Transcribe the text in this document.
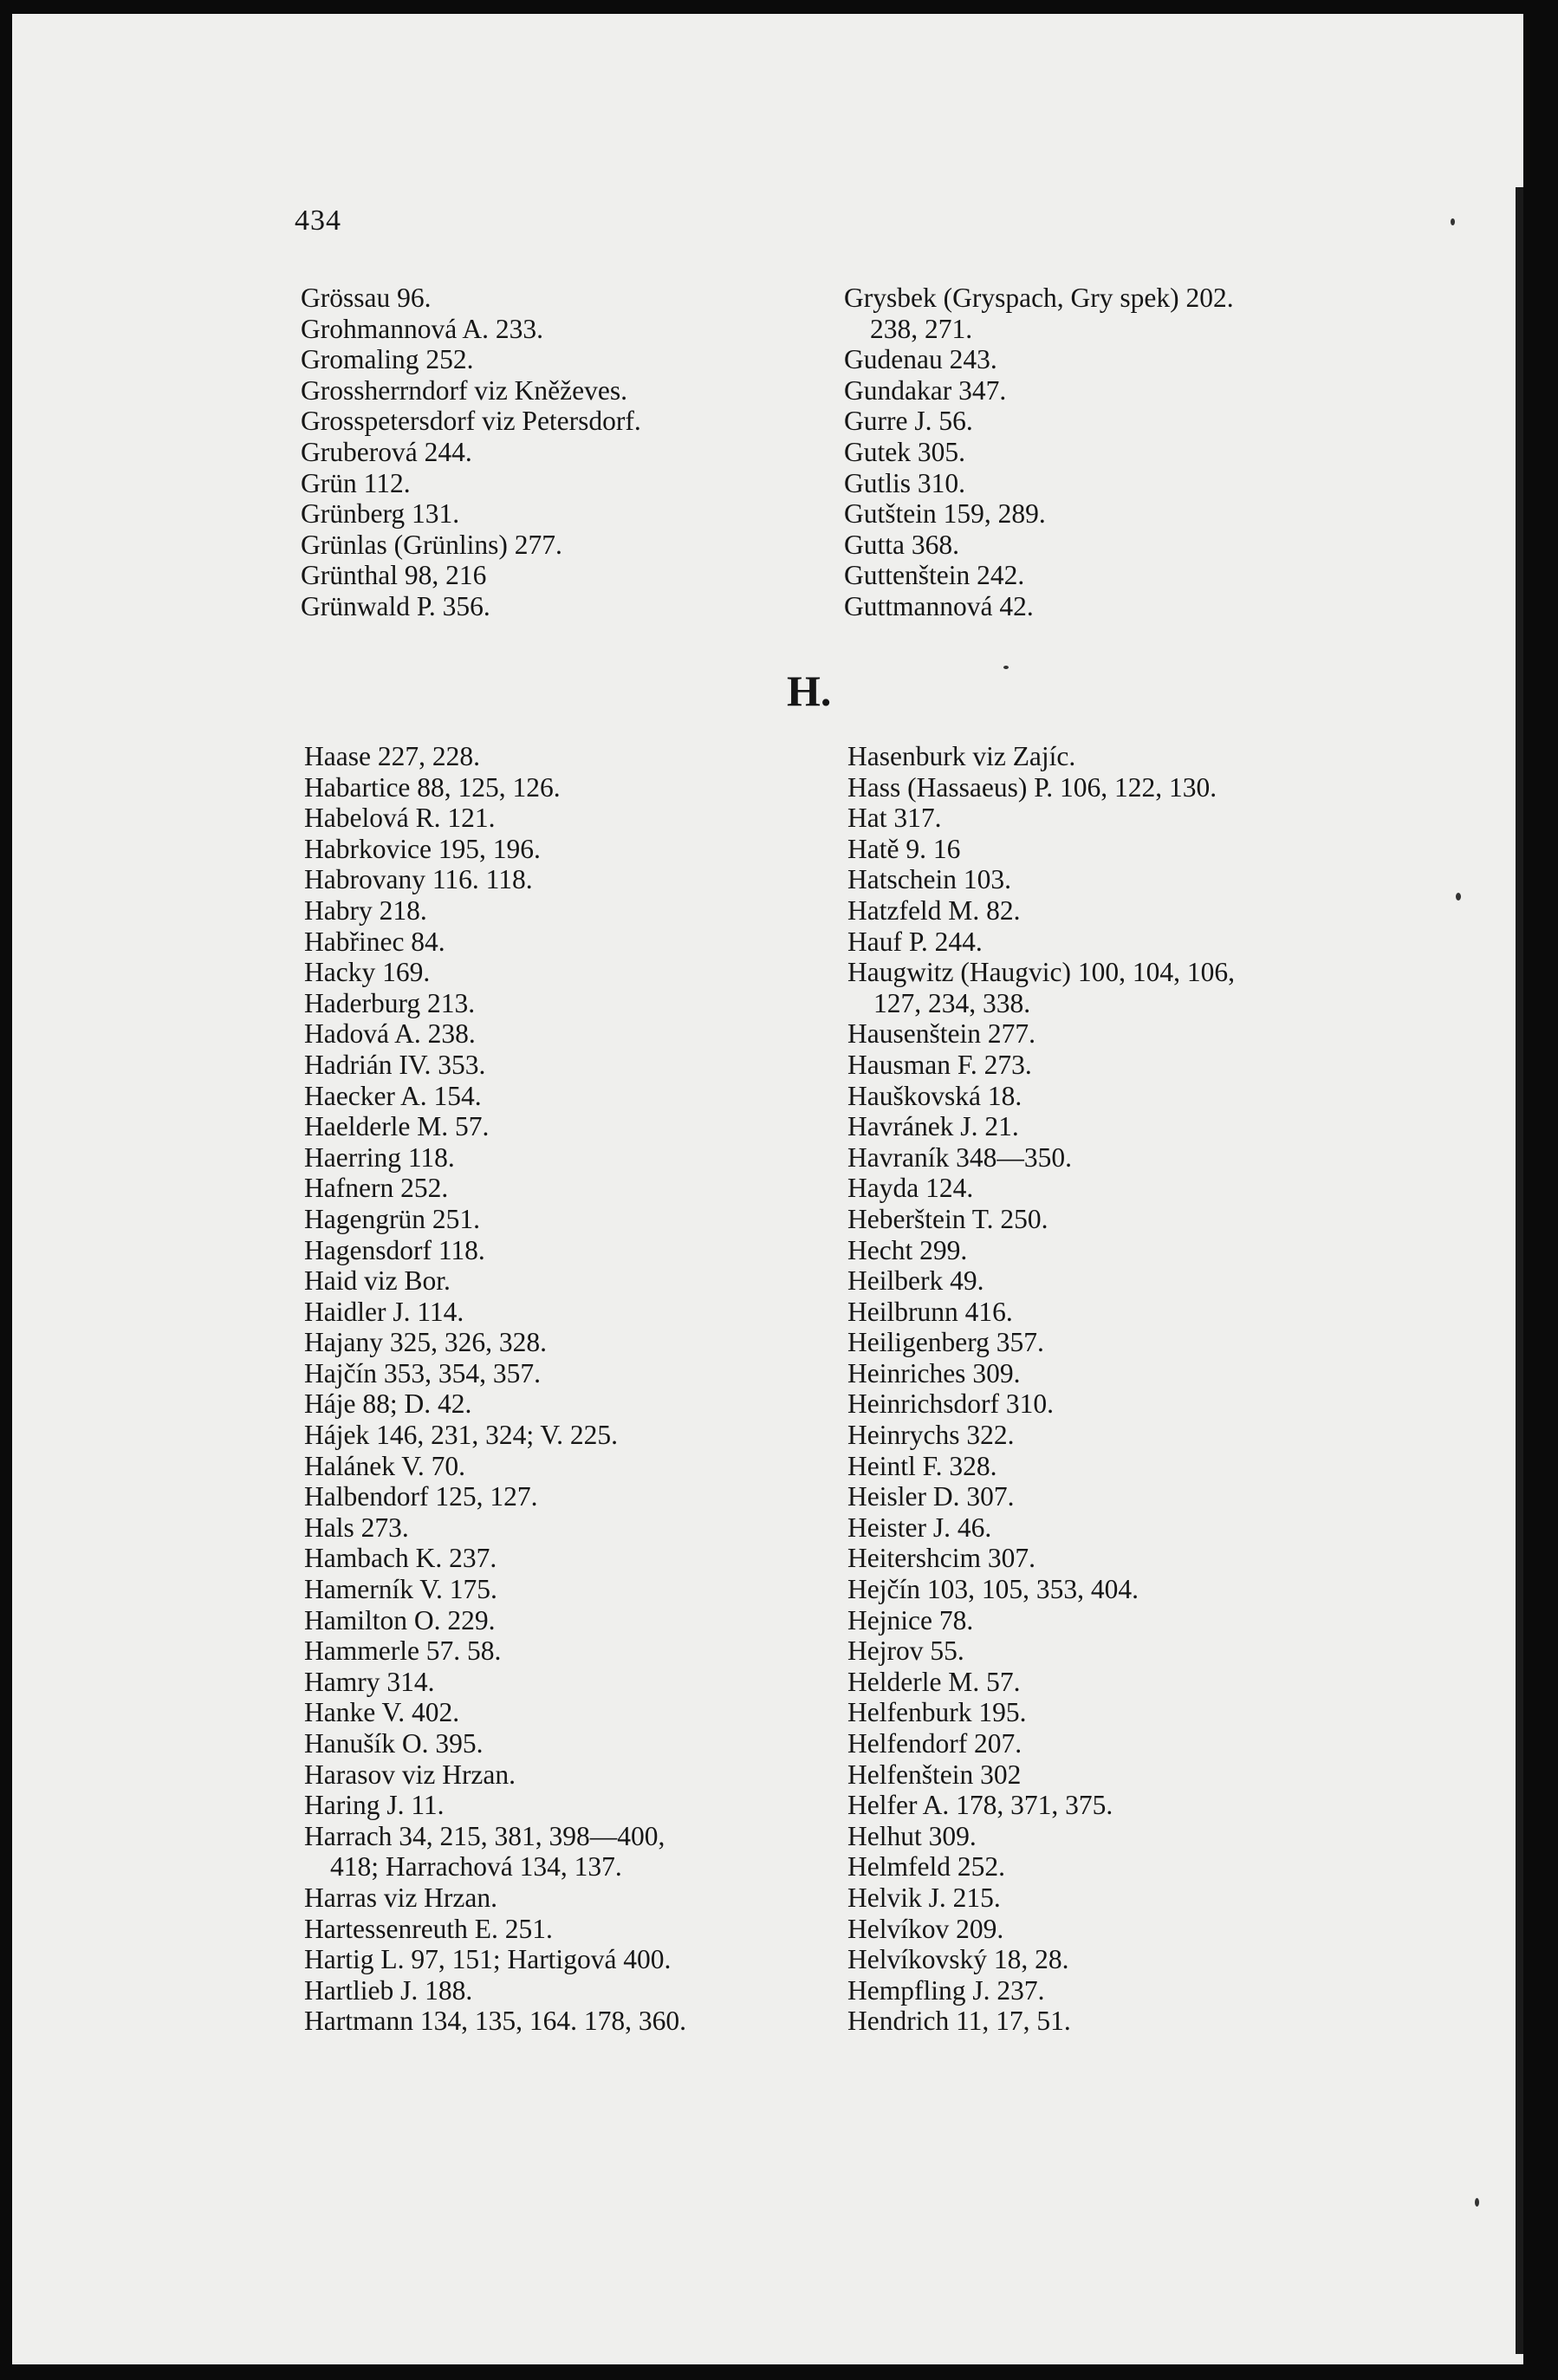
434
Grössau 96.
Grohmannová A. 233.
Gromaling 252.
Grossherrndorf viz Kněževes.
Grosspetersdorf viz Petersdorf.
Gruberová 244.
Grün 112.
Grünberg 131.
Grünlas (Grünlins) 277.
Grünthal 98, 216
Grünwald P. 356.
Grysbek (Gryspach, Gry spek) 202.
238, 271.
Gudenau 243.
Gundakar 347.
Gurre J. 56.
Gutek 305.
Gutlis 310.
Gutštein 159, 289.
Gutta 368.
Guttenštein 242.
Guttmannová 42.
H.
Haase 227, 228.
Habartice 88, 125, 126.
Habelová R. 121.
Habrkovice 195, 196.
Habrovany 116. 118.
Habry 218.
Habřinec 84.
Hacky 169.
Haderburg 213.
Hadová A. 238.
Hadrián IV. 353.
Haecker A. 154.
Haelderle M. 57.
Haerring 118.
Hafnern 252.
Hagengrün 251.
Hagensdorf 118.
Haid viz Bor.
Haidler J. 114.
Hajany 325, 326, 328.
Hajčín 353, 354, 357.
Háje 88; D. 42.
Hájek 146, 231, 324; V. 225.
Halánek V. 70.
Halbendorf 125, 127.
Hals 273.
Hambach K. 237.
Hamerník V. 175.
Hamilton O. 229.
Hammerle 57. 58.
Hamry 314.
Hanke V. 402.
Hanušík O. 395.
Harasov viz Hrzan.
Haring J. 11.
Harrach 34, 215, 381, 398—400,
418; Harrachová 134, 137.
Harras viz Hrzan.
Hartessenreuth E. 251.
Hartig L. 97, 151; Hartigová 400.
Hartlieb J. 188.
Hartmann 134, 135, 164. 178, 360.
Hasenburk viz Zajíc.
Hass (Hassaeus) P. 106, 122, 130.
Hat 317.
Hatě 9. 16
Hatschein 103.
Hatzfeld M. 82.
Hauf P. 244.
Haugwitz (Haugvic) 100, 104, 106,
127, 234, 338.
Hausenštein 277.
Hausman F. 273.
Hauškovská 18.
Havránek J. 21.
Havraník 348—350.
Hayda 124.
Heberštein T. 250.
Hecht 299.
Heilberk 49.
Heilbrunn 416.
Heiligenberg 357.
Heinriches 309.
Heinrichsdorf 310.
Heinrychs 322.
Heintl F. 328.
Heisler D. 307.
Heister J. 46.
Heitershcim 307.
Hejčín 103, 105, 353, 404.
Hejnice 78.
Hejrov 55.
Helderle M. 57.
Helfenburk 195.
Helfendorf 207.
Helfenštein 302
Helfer A. 178, 371, 375.
Helhut 309.
Helmfeld 252.
Helvik J. 215.
Helvíkov 209.
Helvíkovský 18, 28.
Hempfling J. 237.
Hendrich 11, 17, 51.
